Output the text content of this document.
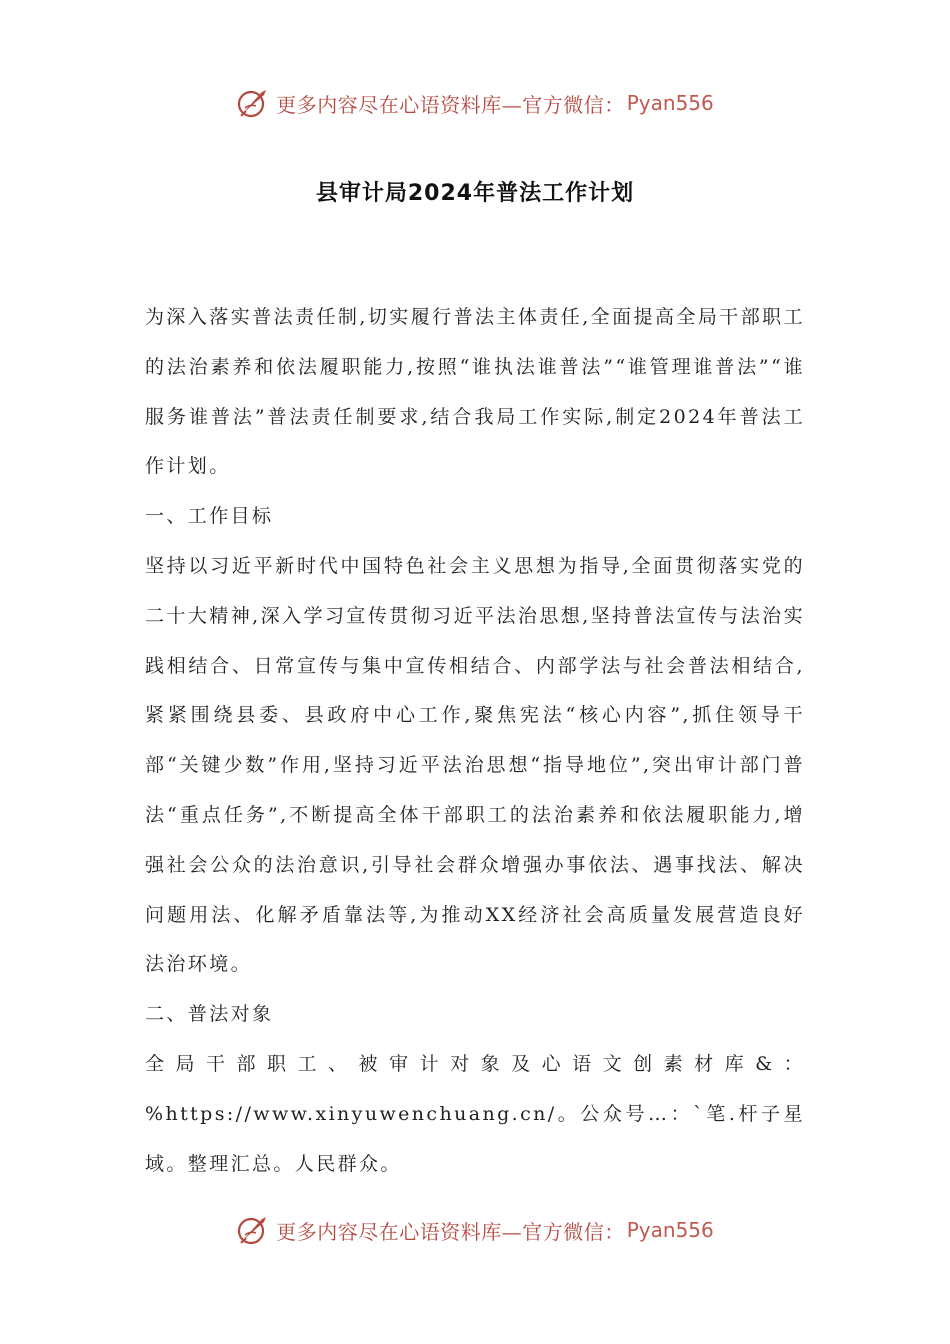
更多内容尽在心语资料库—官方微信： Pyan556
县审计局2024年普法工作计划

为深入落实普法责任制,切实履行普法主体责任,全面提高全局干部职工的法治素养和依法履职能力,按照“谁执法谁普法”“谁管理谁普法”“谁服务谁普法”普法责任制要求,结合我局工作实际,制定2024年普法工作计划。

一、工作目标

坚持以习近平新时代中国特色社会主义思想为指导,全面贯彻落实党的二十大精神,深入学习宣传贯彻习近平法治思想,坚持普法宣传与法治实践相结合、日常宣传与集中宣传相结合、内部学法与社会普法相结合,紧紧围绕县委、县政府中心工作,聚焦宪法“核心内容”,抓住领导干部“关键少数”作用,坚持习近平法治思想“指导地位”,突出审计部门普法“重点任务”,不断提高全体干部职工的法治素养和依法履职能力,增强社会公众的法治意识,引导社会群众增强办事依法、遇事找法、解决问题用法、化解矛盾靠法等,为推动XX经济社会高质量发展营造良好法治环境。

二、普法对象

全局干部职工、被审计对象及心语文创素材库&：%https://www.xinyuwenchuang.cn/。公众号…：`笔.杆子星域。整理汇总。人民群众。

更多内容尽在心语资料库—官方微信： Pyan556
